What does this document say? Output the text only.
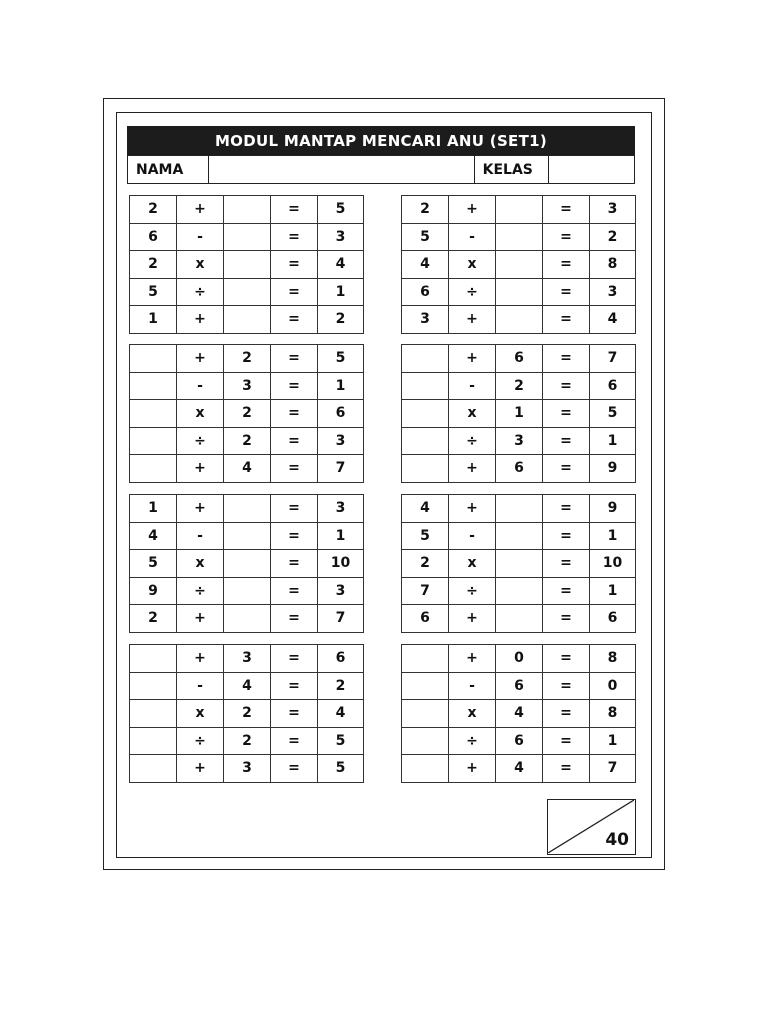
MODUL MANTAP MENCARI ANU (SET1)
NAMA	KELAS
2	+		=	5
6	-		=	3
2	x		=	4
5	÷		=	1
1	+		=	2
2	+		=	3
5	-		=	2
4	x		=	8
6	÷		=	3
3	+		=	4
	+	2	=	5
	-	3	=	1
	x	2	=	6
	÷	2	=	3
	+	4	=	7
	+	6	=	7
	-	2	=	6
	x	1	=	5
	÷	3	=	1
	+	6	=	9
1	+		=	3
4	-		=	1
5	x		=	10
9	÷		=	3
2	+		=	7
4	+		=	9
5	-		=	1
2	x		=	10
7	÷		=	1
6	+		=	6
	+	3	=	6
	-	4	=	2
	x	2	=	4
	÷	2	=	5
	+	3	=	5
	+	0	=	8
	-	6	=	0
	x	4	=	8
	÷	6	=	1
	+	4	=	7
40
